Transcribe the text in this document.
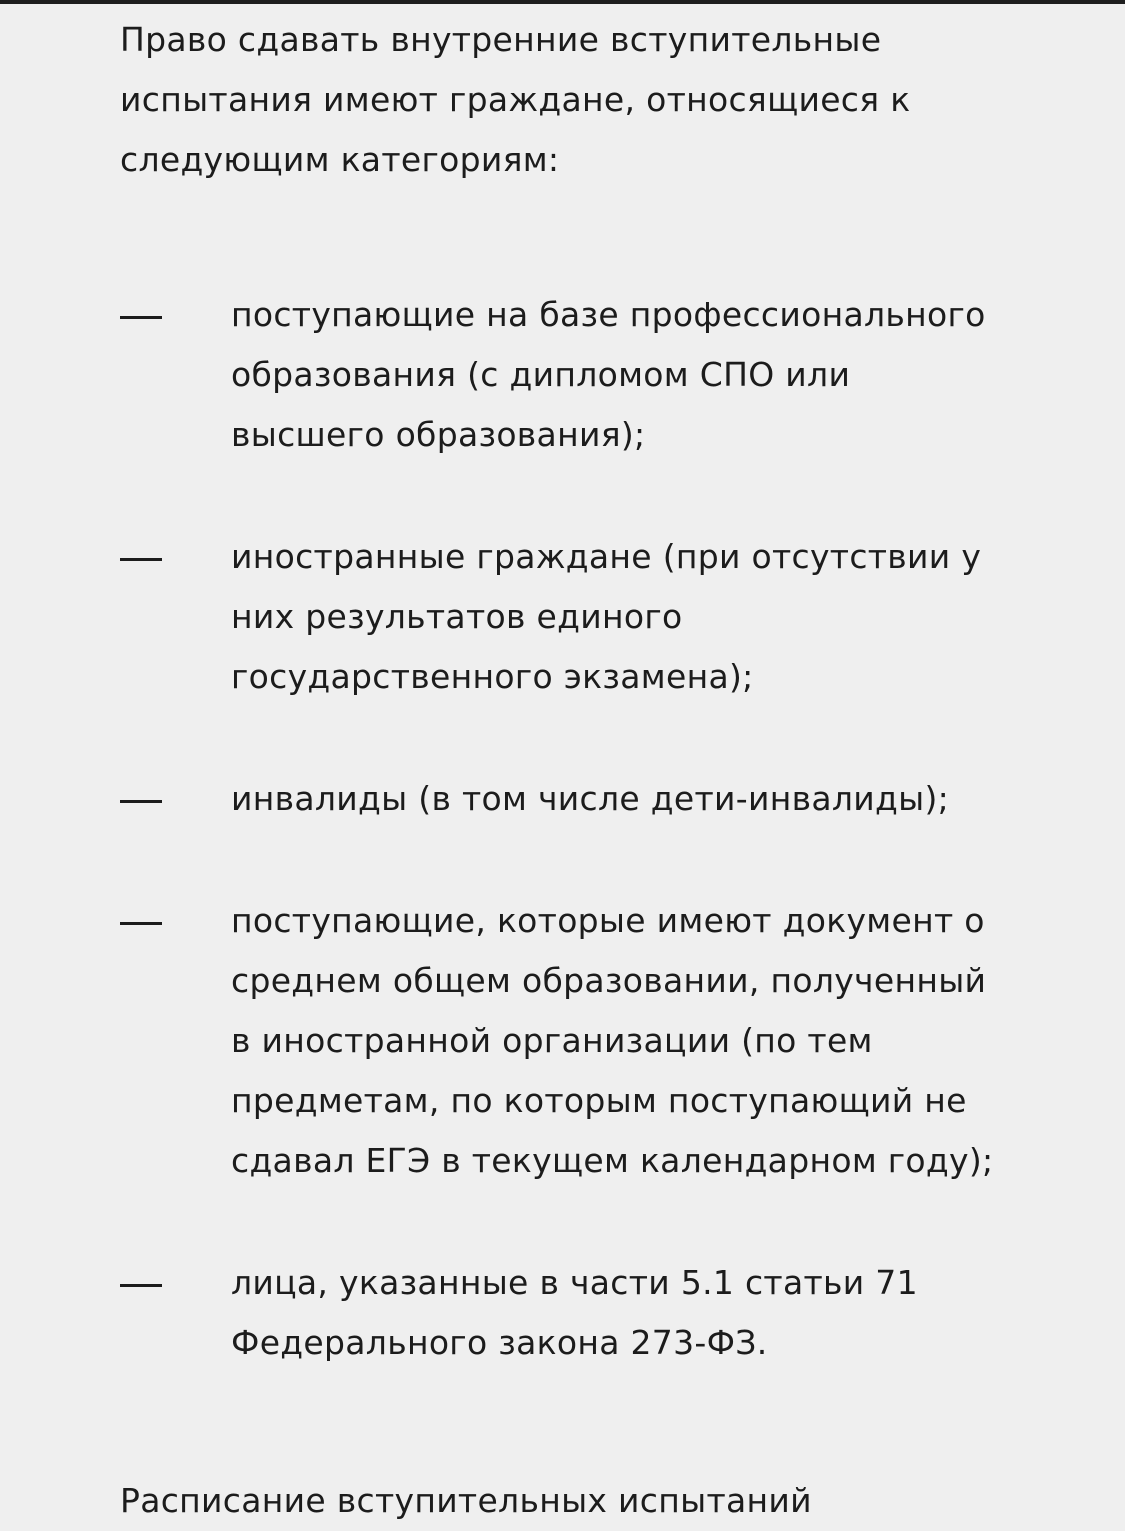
Право сдавать внутренние вступительные испытания имеют граждане, относящиеся к следующим категориям:

поступающие на базе профессионального
образования (с дипломом СПО или
высшего образования);
иностранные граждане (при отсутствии у
них результатов единого
государственного экзамена);
инвалиды (в том числе дети-инвалиды);
поступающие, которые имеют документ о
среднем общем образовании, полученный
в иностранной организации (по тем
предметам, по которым поступающий не
сдавал ЕГЭ в текущем календарном году);
лица, указанные в части 5.1 статьи 71
Федерального закона 273-ФЗ.

Расписание вступительных испытаний
